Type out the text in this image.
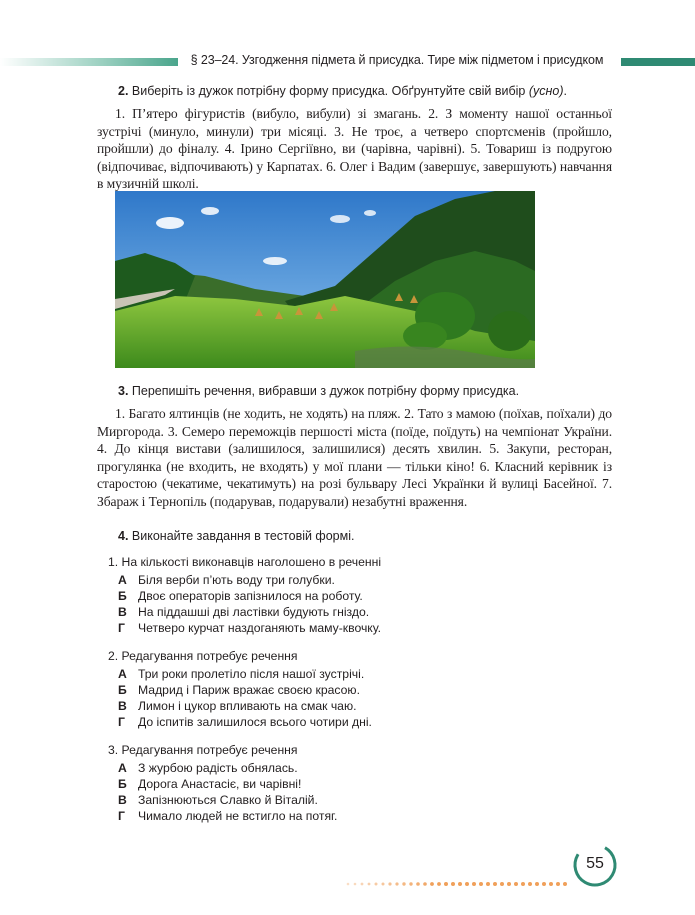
§ 23–24. Узгодження підмета й присудка. Тире між підметом і присудком
2. Виберіть із дужок потрібну форму присудка. Обґрунтуйте свій вибір (усно).
1. П’ятеро фігуристів (вибуло, вибули) зі змагань. 2. З моменту нашої останньої зустрічі (минуло, минули) три місяці. 3. Не троє, а четверо спортсменів (пройшло, пройшли) до фіналу. 4. Ірино Сергіївно, ви (чарівна, чарівні). 5. Товариш із подругою (відпочиває, відпочивають) у Карпатах. 6. Олег і Вадим (завершує, завершують) навчання в музичній школі.
3. Перепишіть речення, вибравши з дужок потрібну форму присудка.
1. Багато ялтинців (не ходить, не ходять) на пляж. 2. Тато з мамою (поїхав, поїхали) до Миргорода. 3. Семеро переможців першості міста (поїде, поїдуть) на чемпіонат України. 4. До кінця вистави (залишилося, залишилися) десять хвилин. 5. Закупи, ресторан, прогулянка (не входить, не входять) у мої плани — тільки кіно! 6. Класний керівник із старостою (чекатиме, чекатимуть) на розі бульвару Лесі Українки й вулиці Басейної. 7. Збараж і Тернопіль (подарував, подарували) незабутні враження.
4. Виконайте завдання в тестовій формі.
1. На кількості виконавців наголошено в реченні
А Біля верби п’ють воду три голубки.
Б Двоє операторів запізнилося на роботу.
В На піддашші дві ластівки будують гніздо.
Г Четверо курчат наздоганяють маму-квочку.
2. Редагування потребує речення
А Три роки пролетіло після нашої зустрічі.
Б Мадрид і Париж вражає своєю красою.
В Лимон і цукор впливають на смак чаю.
Г До іспитів залишилося всього чотири дні.
3. Редагування потребує речення
А З журбою радість обнялась.
Б Дорога Анастасіє, ви чарівні!
В Запізнюються Славко й Віталій.
Г Чимало людей не встигло на потяг.
55
